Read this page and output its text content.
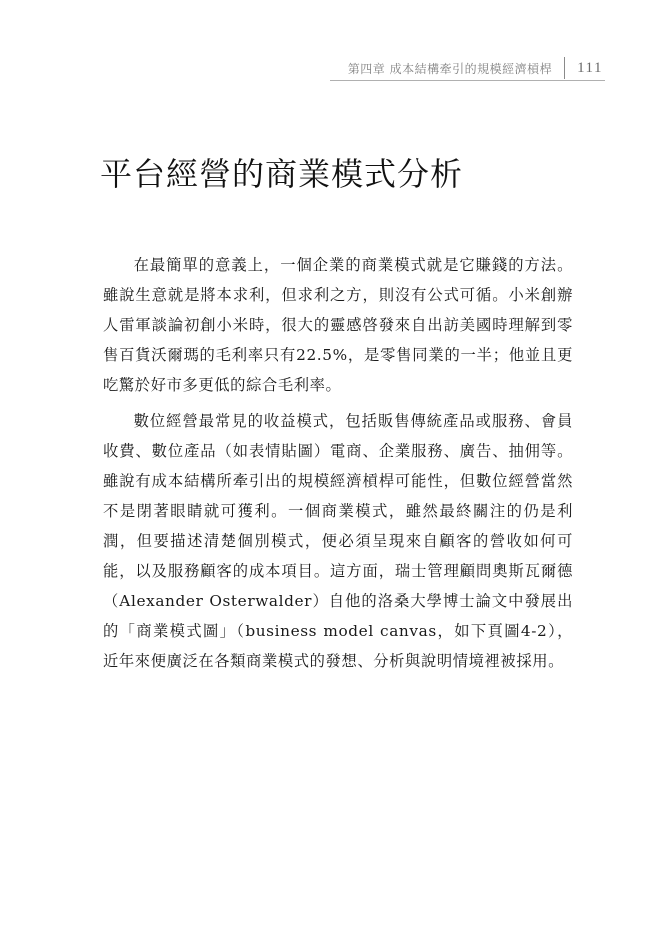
第四章 成本結構牽引的規模經濟槓桿	111
平台經營的商業模式分析

在最簡單的意義上，一個企業的商業模式就是它賺錢的方法。雖說生意就是將本求利，但求利之方，則沒有公式可循。小米創辦人雷軍談論初創小米時，很大的靈感啓發來自出訪美國時理解到零售百貨沃爾瑪的毛利率只有22.5%，是零售同業的一半；他並且更吃驚於好市多更低的綜合毛利率。

數位經營最常見的收益模式，包括販售傳統產品或服務、會員收費、數位產品（如表情貼圖）電商、企業服務、廣告、抽佣等。雖說有成本結構所牽引出的規模經濟槓桿可能性，但數位經營當然不是閉著眼睛就可獲利。一個商業模式，雖然最終關注的仍是利潤，但要描述清楚個別模式，便必須呈現來自顧客的營收如何可能，以及服務顧客的成本項目。這方面，瑞士管理顧問奧斯瓦爾德（Alexander Osterwalder）自他的洛桑大學博士論文中發展出的「商業模式圖」（business model canvas，如下頁圖4-2），近年來便廣泛在各類商業模式的發想、分析與說明情境裡被採用。
